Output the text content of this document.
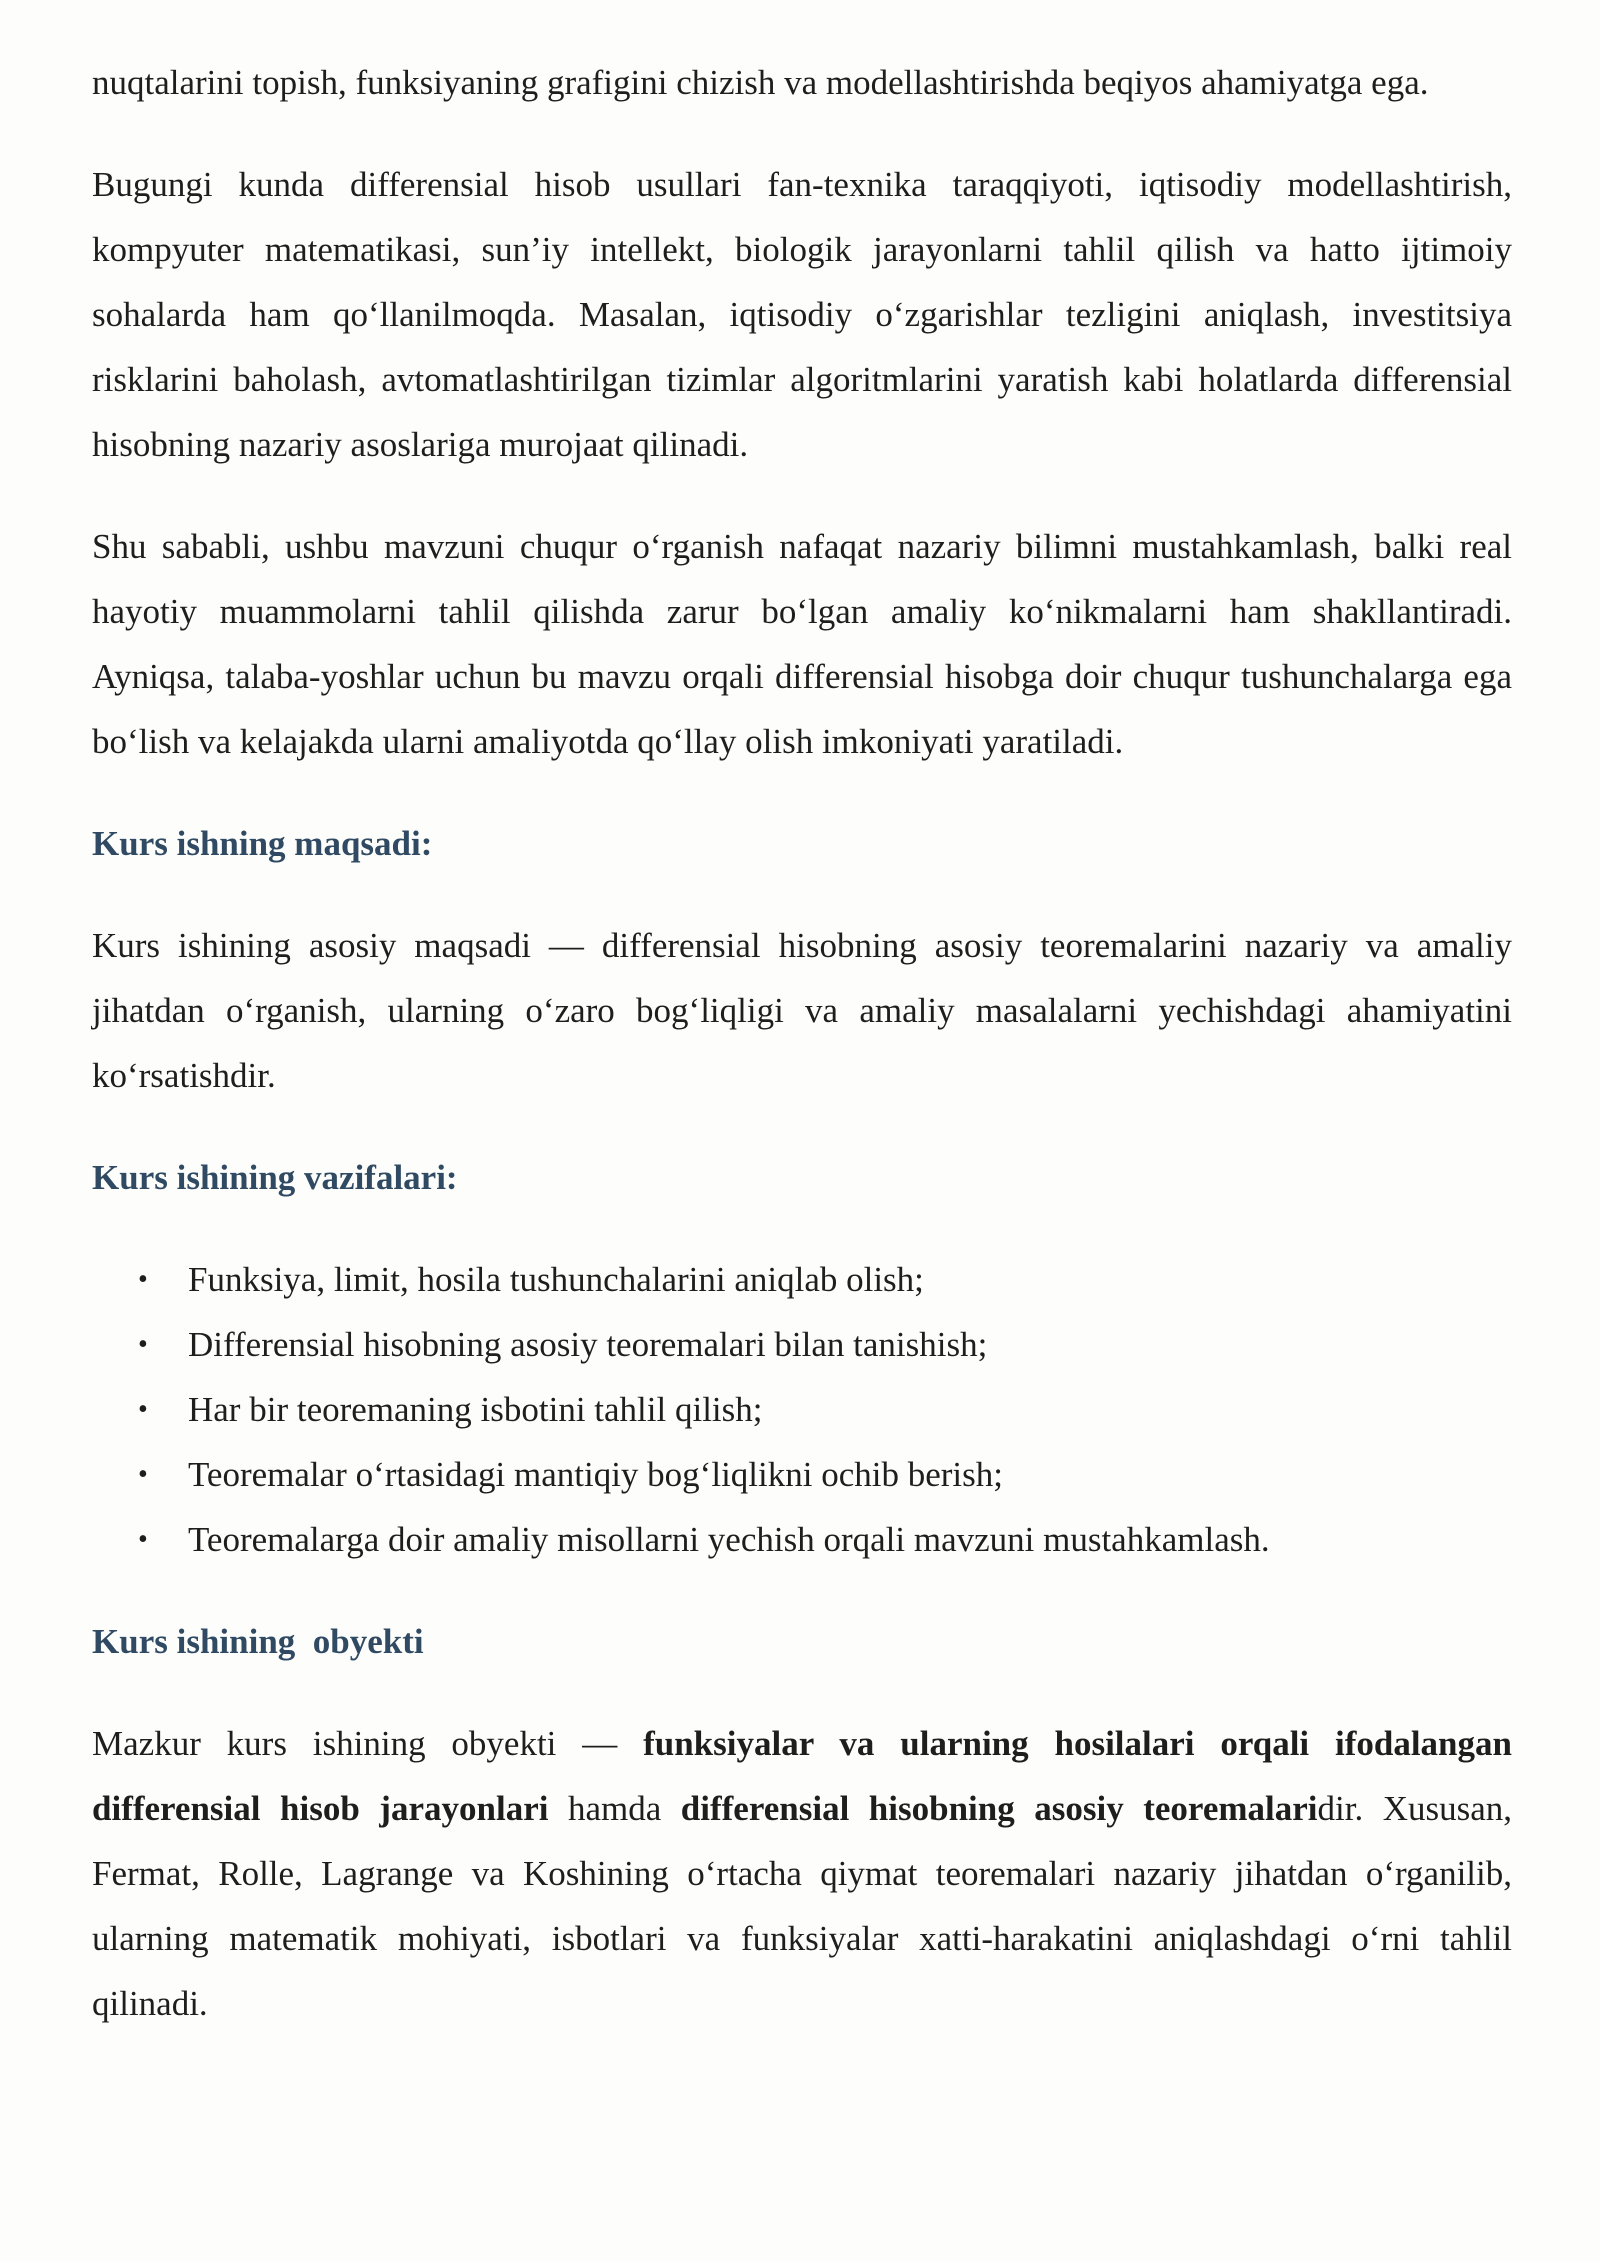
nuqtalarini topish, funksiyaning grafigini chizish va modellashtirishda beqiyos ahamiyatga ega.

Bugungi kunda differensial hisob usullari fan-texnika taraqqiyoti, iqtisodiy modellashtirish, kompyuter matematikasi, sun’iy intellekt, biologik jarayonlarni tahlil qilish va hatto ijtimoiy sohalarda ham qo‘llanilmoqda. Masalan, iqtisodiy o‘zgarishlar tezligini aniqlash, investitsiya risklarini baholash, avtomatlashtirilgan tizimlar algoritmlarini yaratish kabi holatlarda differensial hisobning nazariy asoslariga murojaat qilinadi.

Shu sababli, ushbu mavzuni chuqur o‘rganish nafaqat nazariy bilimni mustahkamlash, balki real hayotiy muammolarni tahlil qilishda zarur bo‘lgan amaliy ko‘nikmalarni ham shakllantiradi. Ayniqsa, talaba-yoshlar uchun bu mavzu orqali differensial hisobga doir chuqur tushunchalarga ega bo‘lish va kelajakda ularni amaliyotda qo‘llay olish imkoniyati yaratiladi.

Kurs ishning maqsadi:

Kurs ishining asosiy maqsadi — differensial hisobning asosiy teoremalarini nazariy va amaliy jihatdan o‘rganish, ularning o‘zaro bog‘liqligi va amaliy masalalarni yechishdagi ahamiyatini ko‘rsatishdir.

Kurs ishining vazifalari:
• Funksiya, limit, hosila tushunchalarini aniqlab olish;
• Differensial hisobning asosiy teoremalari bilan tanishish;
• Har bir teoremaning isbotini tahlil qilish;
• Teoremalar o‘rtasidagi mantiqiy bog‘liqlikni ochib berish;
• Teoremalarga doir amaliy misollarni yechish orqali mavzuni mustahkamlash.
Kurs ishining  obyekti

Mazkur kurs ishining obyekti — funksiyalar va ularning hosilalari orqali ifodalangan differensial hisob jarayonlari hamda differensial hisobning asosiy teoremalaridir. Xususan, Fermat, Rolle, Lagrange va Koshining o‘rtacha qiymat teoremalari nazariy jihatdan o‘rganilib, ularning matematik mohiyati, isbotlari va funksiyalar xatti-harakatini aniqlashdagi o‘rni tahlil qilinadi.
